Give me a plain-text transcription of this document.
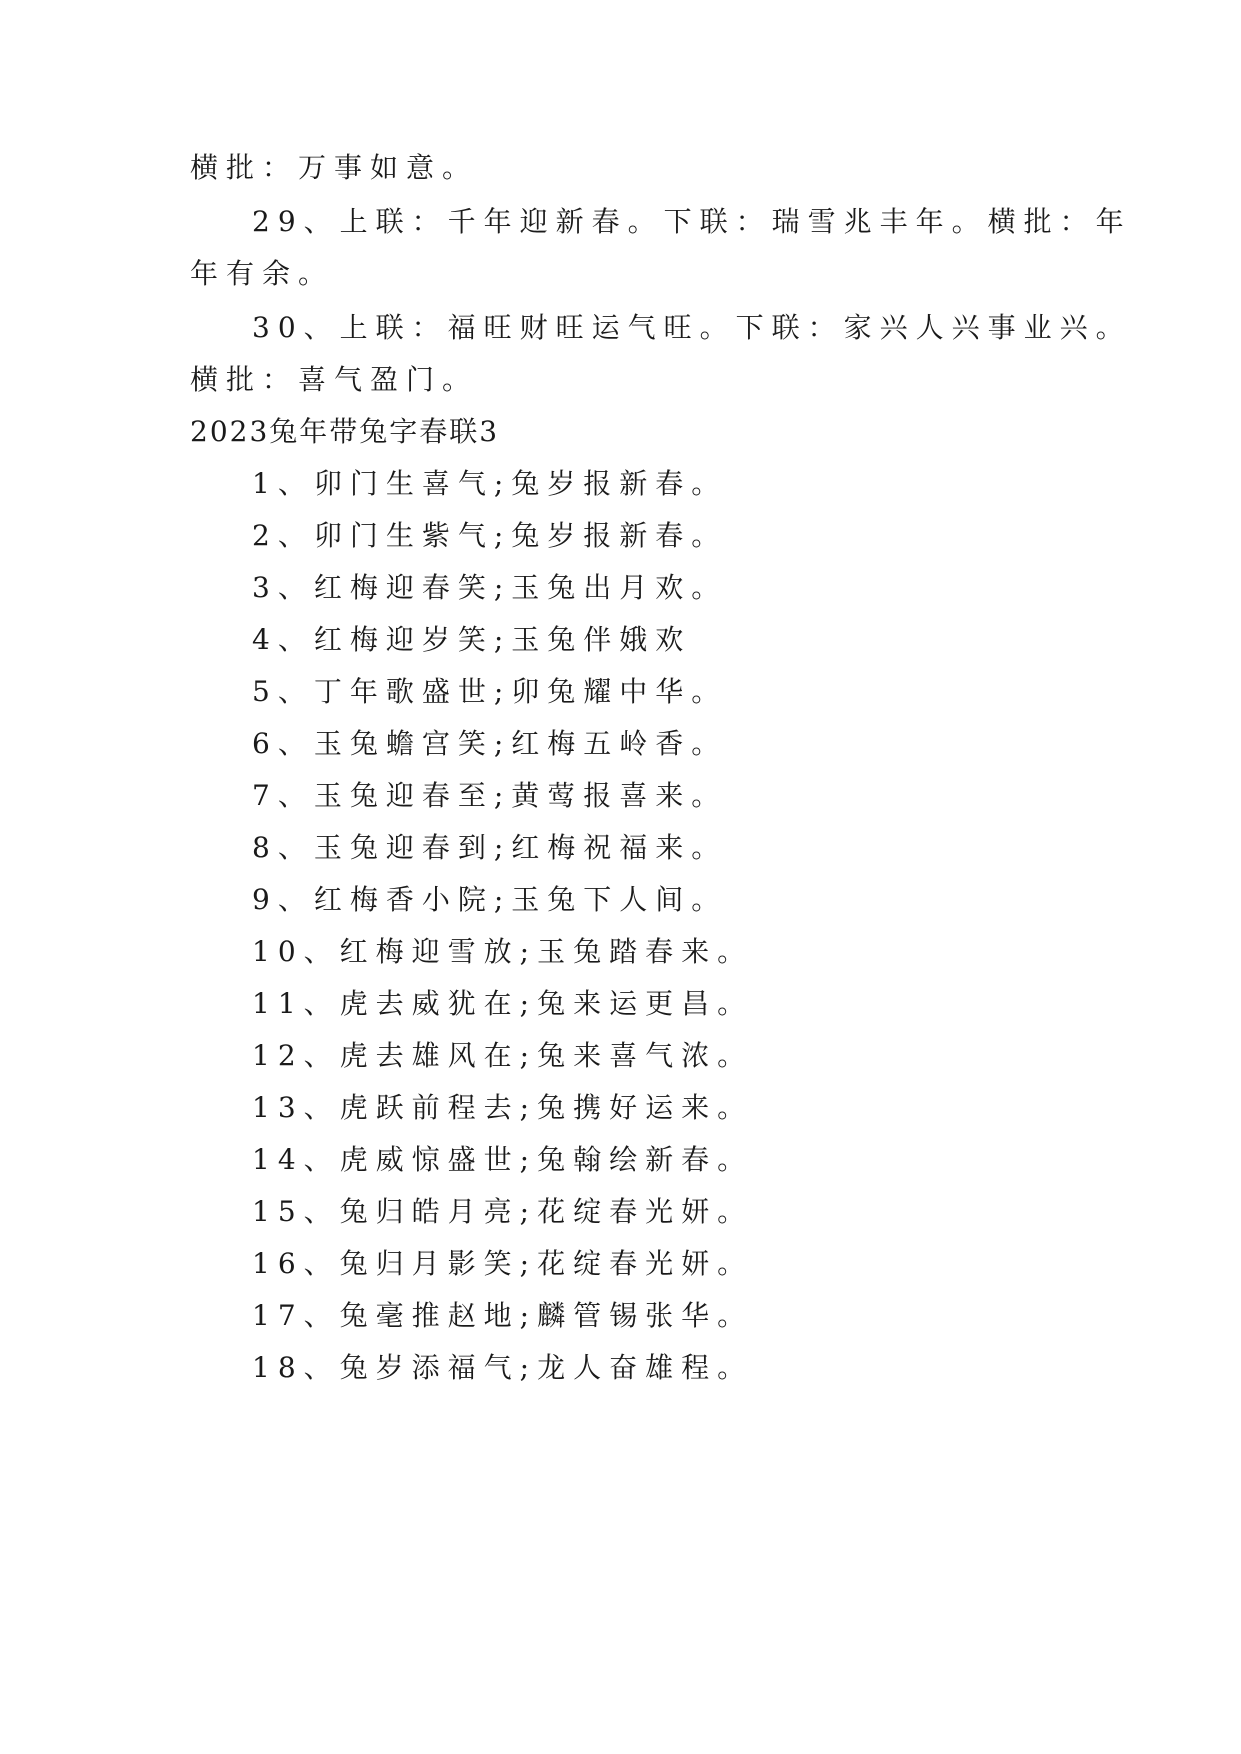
横批：万事如意。
29、上联：千年迎新春。下联：瑞雪兆丰年。横批：年
年有余。
30、上联：福旺财旺运气旺。下联：家兴人兴事业兴。
横批：喜气盈门。
2023兔年带兔字春联3
1、卯门生喜气;兔岁报新春。
2、卯门生紫气;兔岁报新春。
3、红梅迎春笑;玉兔出月欢。
4、红梅迎岁笑;玉兔伴娥欢
5、丁年歌盛世;卯兔耀中华。
6、玉兔蟾宫笑;红梅五岭香。
7、玉兔迎春至;黄莺报喜来。
8、玉兔迎春到;红梅祝福来。
9、红梅香小院;玉兔下人间。
10、红梅迎雪放;玉兔踏春来。
11、虎去威犹在;兔来运更昌。
12、虎去雄风在;兔来喜气浓。
13、虎跃前程去;兔携好运来。
14、虎威惊盛世;兔翰绘新春。
15、兔归皓月亮;花绽春光妍。
16、兔归月影笑;花绽春光妍。
17、兔毫推赵地;麟管锡张华。
18、兔岁添福气;龙人奋雄程。
